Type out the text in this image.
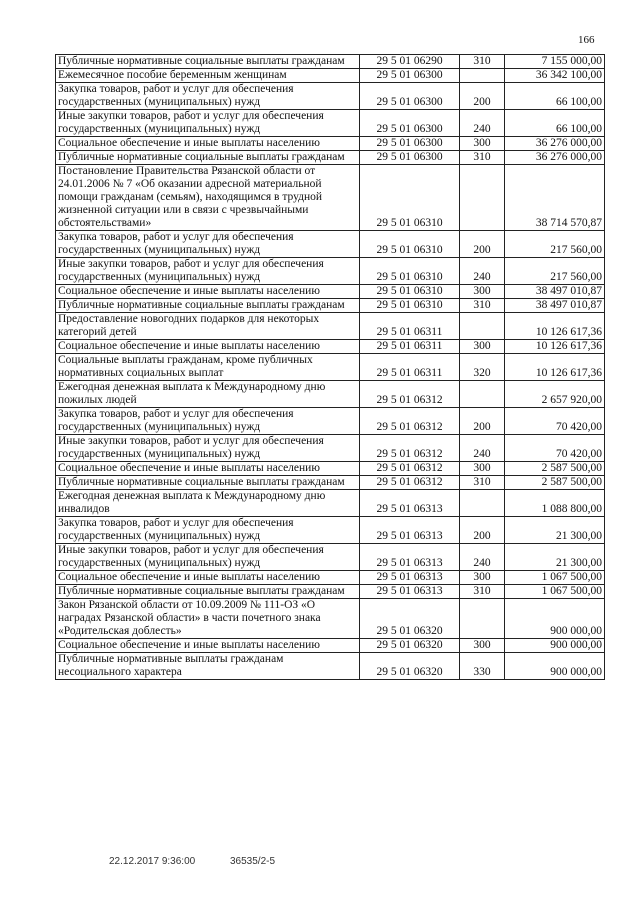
166
Публичные нормативные социальные выплаты гражданам	29 5 01 06290	310	7 155 000,00
Ежемесячное пособие беременным женщинам	29 5 01 06300		36 342 100,00
Закупка товаров, работ и услуг для обеспечения государственных (муниципальных) нужд	29 5 01 06300	200	66 100,00
Иные закупки товаров, работ и услуг для обеспечения государственных (муниципальных) нужд	29 5 01 06300	240	66 100,00
Социальное обеспечение и иные выплаты населению	29 5 01 06300	300	36 276 000,00
Публичные нормативные социальные выплаты гражданам	29 5 01 06300	310	36 276 000,00
Постановление Правительства Рязанской области от 24.01.2006 № 7 «Об оказании адресной материальной помощи гражданам (семьям), находящимся в трудной жизненной ситуации или в связи с чрезвычайными обстоятельствами»	29 5 01 06310		38 714 570,87
Закупка товаров, работ и услуг для обеспечения государственных (муниципальных) нужд	29 5 01 06310	200	217 560,00
Иные закупки товаров, работ и услуг для обеспечения государственных (муниципальных) нужд	29 5 01 06310	240	217 560,00
Социальное обеспечение и иные выплаты населению	29 5 01 06310	300	38 497 010,87
Публичные нормативные социальные выплаты гражданам	29 5 01 06310	310	38 497 010,87
Предоставление новогодних подарков для некоторых категорий детей	29 5 01 06311		10 126 617,36
Социальное обеспечение и иные выплаты населению	29 5 01 06311	300	10 126 617,36
Социальные выплаты гражданам, кроме публичных нормативных социальных выплат	29 5 01 06311	320	10 126 617,36
Ежегодная денежная выплата к Международному дню пожилых людей	29 5 01 06312		2 657 920,00
Закупка товаров, работ и услуг для обеспечения государственных (муниципальных) нужд	29 5 01 06312	200	70 420,00
Иные закупки товаров, работ и услуг для обеспечения государственных (муниципальных) нужд	29 5 01 06312	240	70 420,00
Социальное обеспечение и иные выплаты населению	29 5 01 06312	300	2 587 500,00
Публичные нормативные социальные выплаты гражданам	29 5 01 06312	310	2 587 500,00
Ежегодная денежная выплата к Международному дню инвалидов	29 5 01 06313		1 088 800,00
Закупка товаров, работ и услуг для обеспечения государственных (муниципальных) нужд	29 5 01 06313	200	21 300,00
Иные закупки товаров, работ и услуг для обеспечения государственных (муниципальных) нужд	29 5 01 06313	240	21 300,00
Социальное обеспечение и иные выплаты населению	29 5 01 06313	300	1 067 500,00
Публичные нормативные социальные выплаты гражданам	29 5 01 06313	310	1 067 500,00
Закон Рязанской области от 10.09.2009 № 111-ОЗ «О наградах Рязанской области» в части почетного знака «Родительская доблесть»	29 5 01 06320		900 000,00
Социальное обеспечение и иные выплаты населению	29 5 01 06320	300	900 000,00
Публичные нормативные выплаты гражданам несоциального характера	29 5 01 06320	330	900 000,00
22.12.2017 9:36:00	36535/2-5
